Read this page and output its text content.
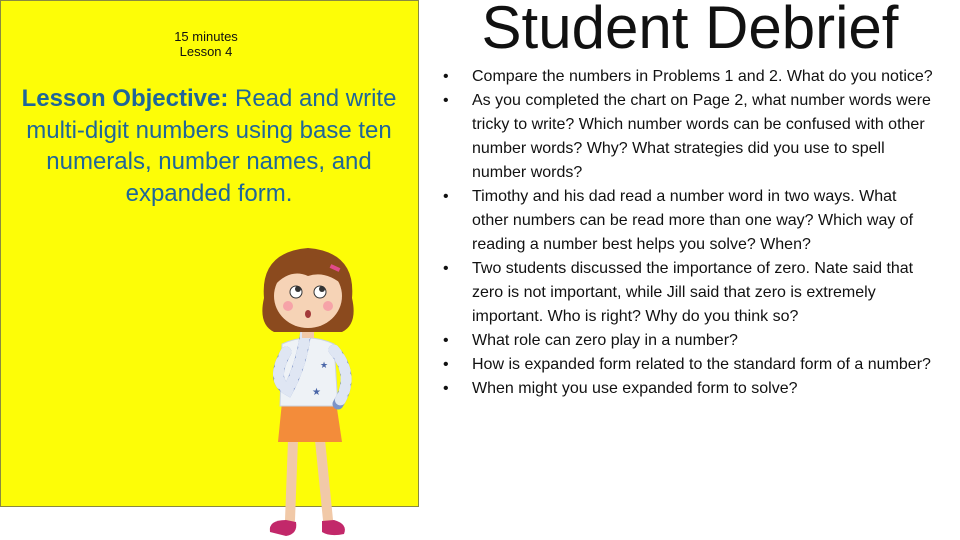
15 minutes
Lesson 4
Lesson Objective: Read and write multi-digit numbers using base ten numerals, number names, and expanded form.
★
★
★
Student Debrief
• Compare the numbers in Problems 1 and 2. What do you notice?
• As you completed the chart on Page 2, what number words were tricky to write? Which number words can be confused with other number words? Why? What strategies did you use to spell number words?
• Timothy and his dad read a number word in two ways. What other numbers can be read more than one way? Which way of reading a number best helps you solve? When?
• Two students discussed the importance of zero. Nate said that zero is not important, while Jill said that zero is extremely important. Who is right? Why do you think so?
• What role can zero play in a number?
• How is expanded form related to the standard form of a number?
• When might you use expanded form to solve?
